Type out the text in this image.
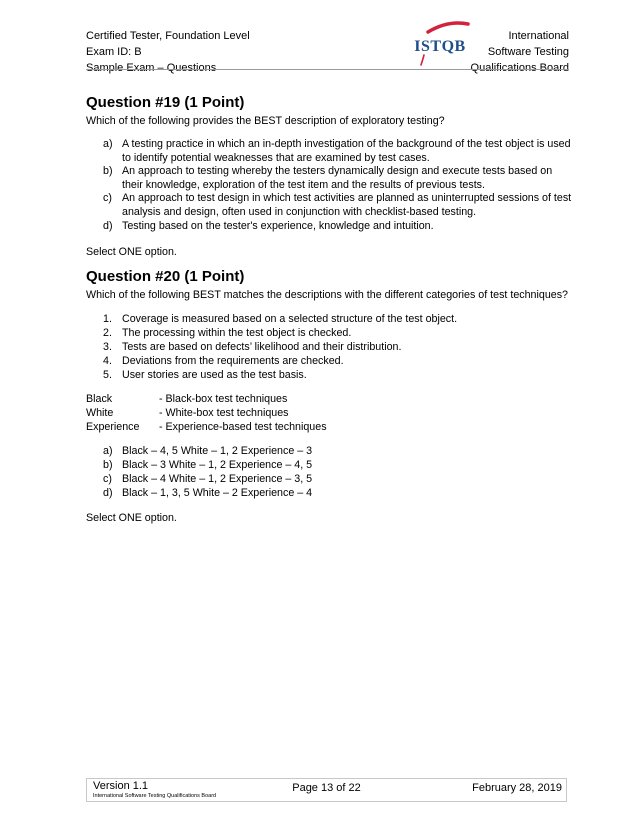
Certified Tester, Foundation Level
Exam ID: B
Sample Exam – Questions
ISTQB
International
Software Testing
Qualifications Board
Question #19 (1 Point)
Which of the following provides the BEST description of exploratory testing?
a) A testing practice in which an in-depth investigation of the background of the test object is used to identify potential weaknesses that are examined by test cases.
b) An approach to testing whereby the testers dynamically design and execute tests based on their knowledge, exploration of the test item and the results of previous tests.
c) An approach to test design in which test activities are planned as uninterrupted sessions of test analysis and design, often used in conjunction with checklist-based testing.
d) Testing based on the tester's experience, knowledge and intuition.
Select ONE option.
Question #20 (1 Point)
Which of the following BEST matches the descriptions with the different categories of test techniques?
1. Coverage is measured based on a selected structure of the test object.
2. The processing within the test object is checked.
3. Tests are based on defects’ likelihood and their distribution.
4. Deviations from the requirements are checked.
5. User stories are used as the test basis.
Black	- Black-box test techniques
White	- White-box test techniques
Experience - Experience-based test techniques
a) Black – 4, 5 White – 1, 2 Experience – 3
b) Black – 3 White – 1, 2 Experience – 4, 5
c) Black – 4 White – 1, 2 Experience – 3, 5
d) Black – 1, 3, 5 White – 2 Experience – 4
Select ONE option.
Version 1.1
International Software Testing Qualifications Board
Page 13 of 22	February 28, 2019
